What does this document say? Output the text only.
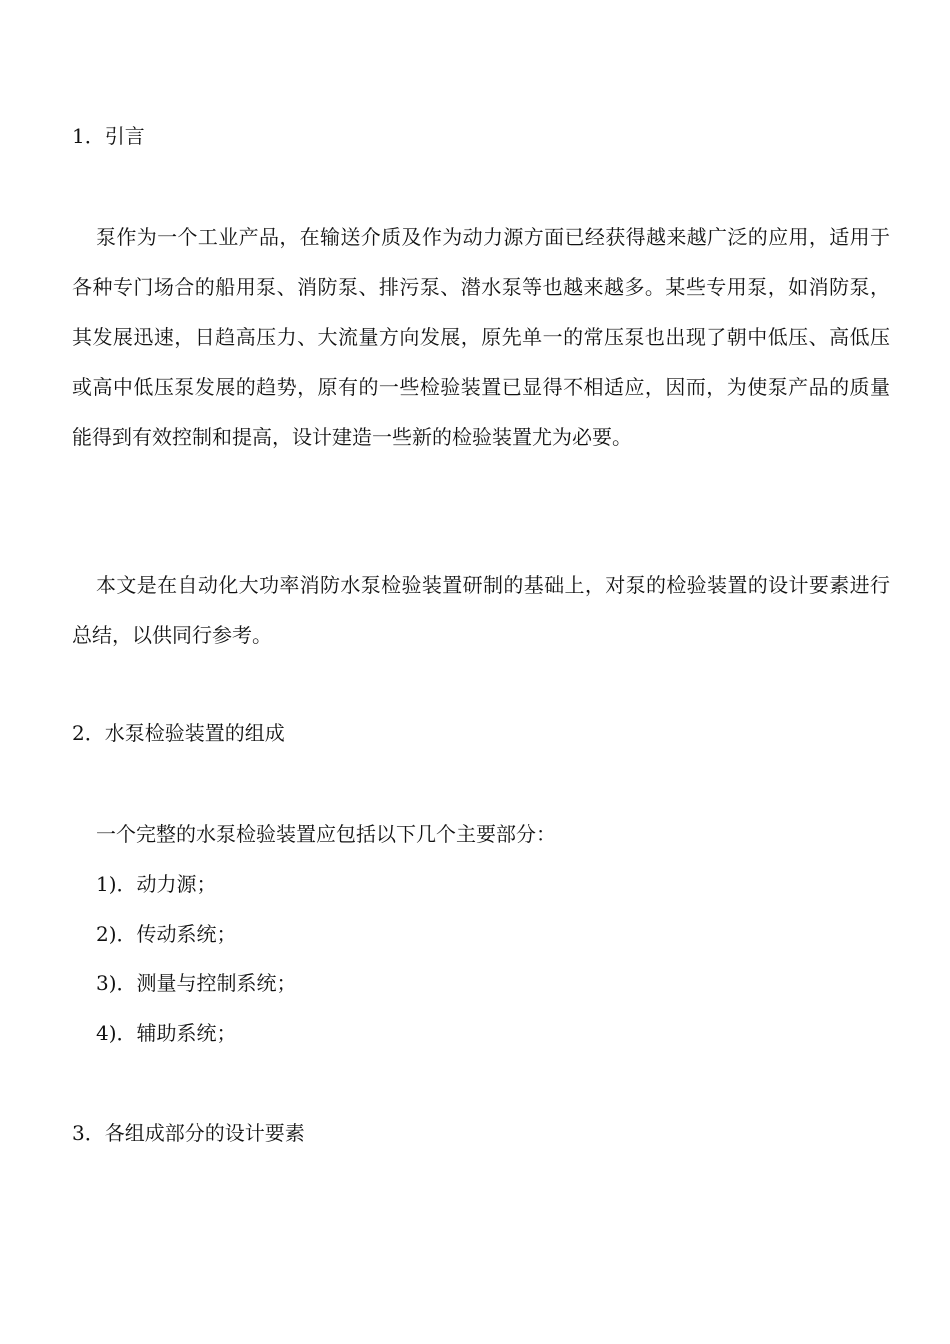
1．引言
泵作为一个工业产品，在输送介质及作为动力源方面已经获得越来越广泛的应用，适用于各种专门场合的船用泵、消防泵、排污泵、潜水泵等也越来越多。某些专用泵，如消防泵，其发展迅速，日趋高压力、大流量方向发展，原先单一的常压泵也出现了朝中低压、高低压或高中低压泵发展的趋势，原有的一些检验装置已显得不相适应，因而，为使泵产品的质量能得到有效控制和提高，设计建造一些新的检验装置尤为必要。
本文是在自动化大功率消防水泵检验装置研制的基础上，对泵的检验装置的设计要素进行总结，以供同行参考。
2．水泵检验装置的组成
一个完整的水泵检验装置应包括以下几个主要部分：
1)．动力源；
2)．传动系统；
3)．测量与控制系统；
4)．辅助系统；
3．各组成部分的设计要素
